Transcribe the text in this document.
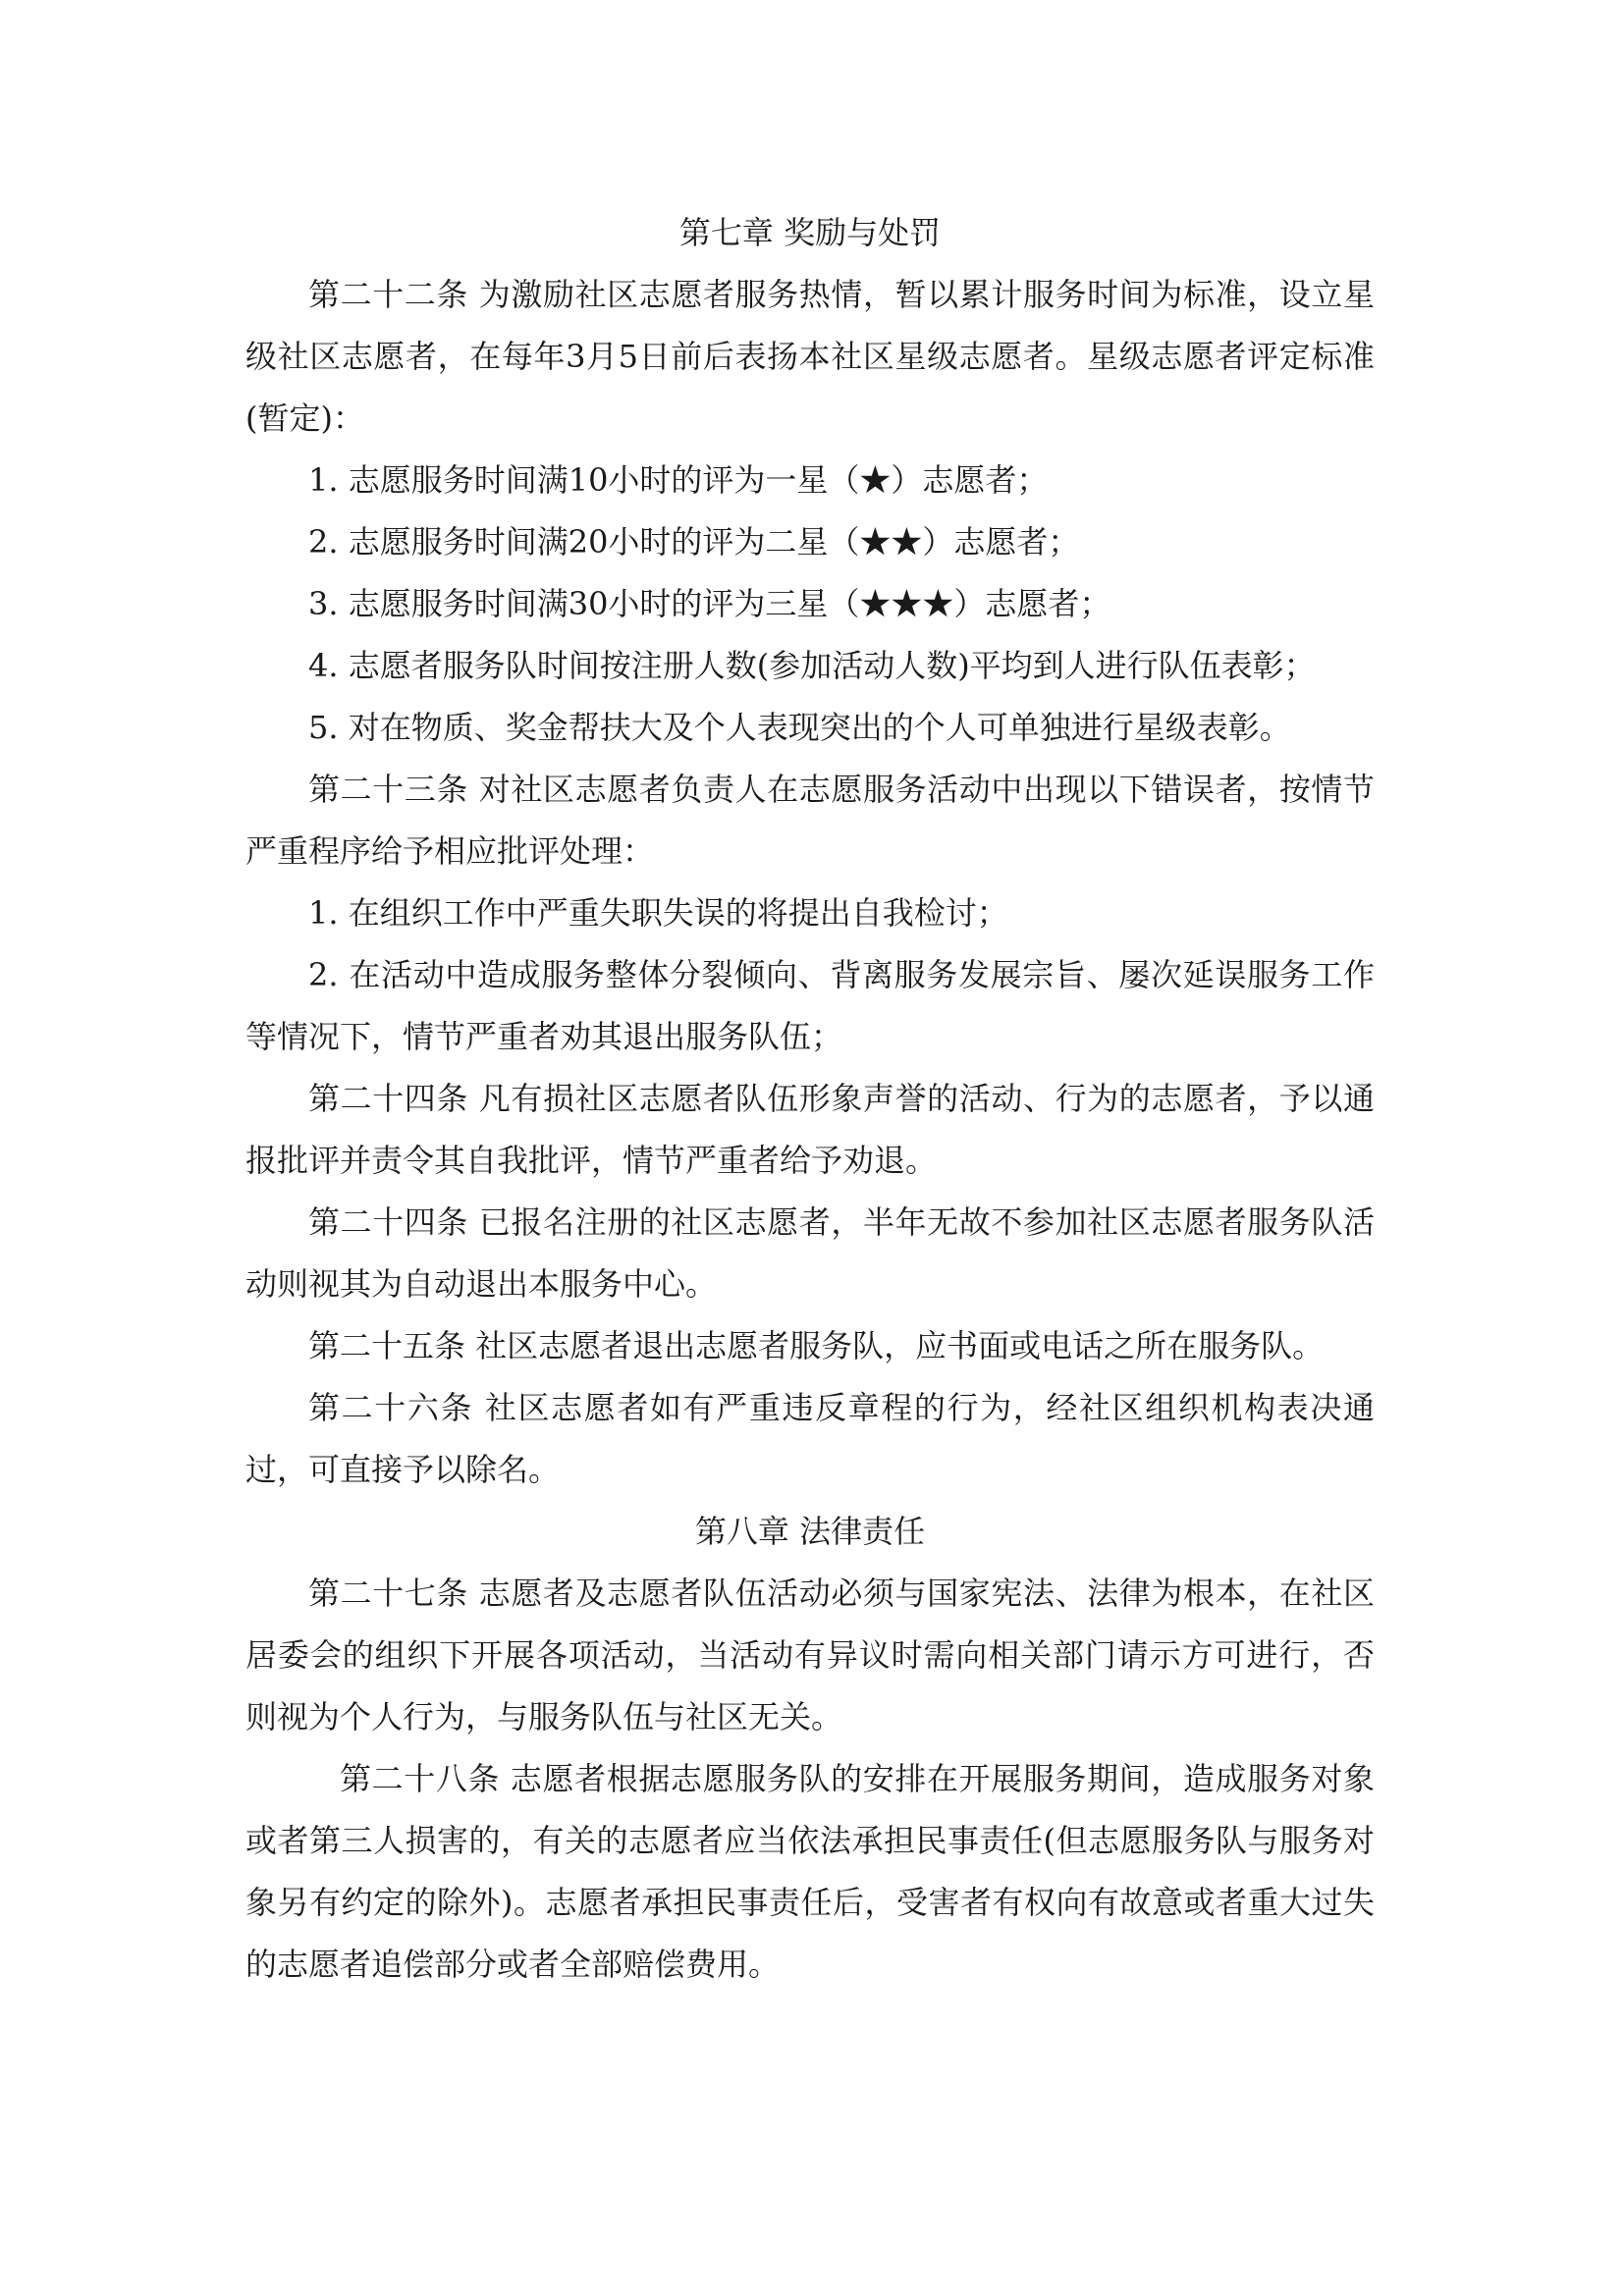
第七章 奖励与处罚

第二十二条 为激励社区志愿者服务热情，暂以累计服务时间为标准，设立星级社区志愿者，在每年3月5日前后表扬本社区星级志愿者。星级志愿者评定标准(暂定)：

1. 志愿服务时间满10小时的评为一星（★）志愿者；

2. 志愿服务时间满20小时的评为二星（★★）志愿者；

3. 志愿服务时间满30小时的评为三星（★★★）志愿者；

4. 志愿者服务队时间按注册人数(参加活动人数)平均到人进行队伍表彰；

5. 对在物质、奖金帮扶大及个人表现突出的个人可单独进行星级表彰。

第二十三条 对社区志愿者负责人在志愿服务活动中出现以下错误者，按情节严重程序给予相应批评处理：

1. 在组织工作中严重失职失误的将提出自我检讨；

2. 在活动中造成服务整体分裂倾向、背离服务发展宗旨、屡次延误服务工作等情况下，情节严重者劝其退出服务队伍；

第二十四条 凡有损社区志愿者队伍形象声誉的活动、行为的志愿者，予以通报批评并责令其自我批评，情节严重者给予劝退。

第二十四条 已报名注册的社区志愿者，半年无故不参加社区志愿者服务队活动则视其为自动退出本服务中心。

第二十五条 社区志愿者退出志愿者服务队，应书面或电话之所在服务队。

第二十六条 社区志愿者如有严重违反章程的行为，经社区组织机构表决通过，可直接予以除名。

第八章 法律责任

第二十七条 志愿者及志愿者队伍活动必须与国家宪法、法律为根本，在社区居委会的组织下开展各项活动，当活动有异议时需向相关部门请示方可进行，否则视为个人行为，与服务队伍与社区无关。

第二十八条 志愿者根据志愿服务队的安排在开展服务期间，造成服务对象或者第三人损害的，有关的志愿者应当依法承担民事责任(但志愿服务队与服务对象另有约定的除外)。志愿者承担民事责任后，受害者有权向有故意或者重大过失的志愿者追偿部分或者全部赔偿费用。
